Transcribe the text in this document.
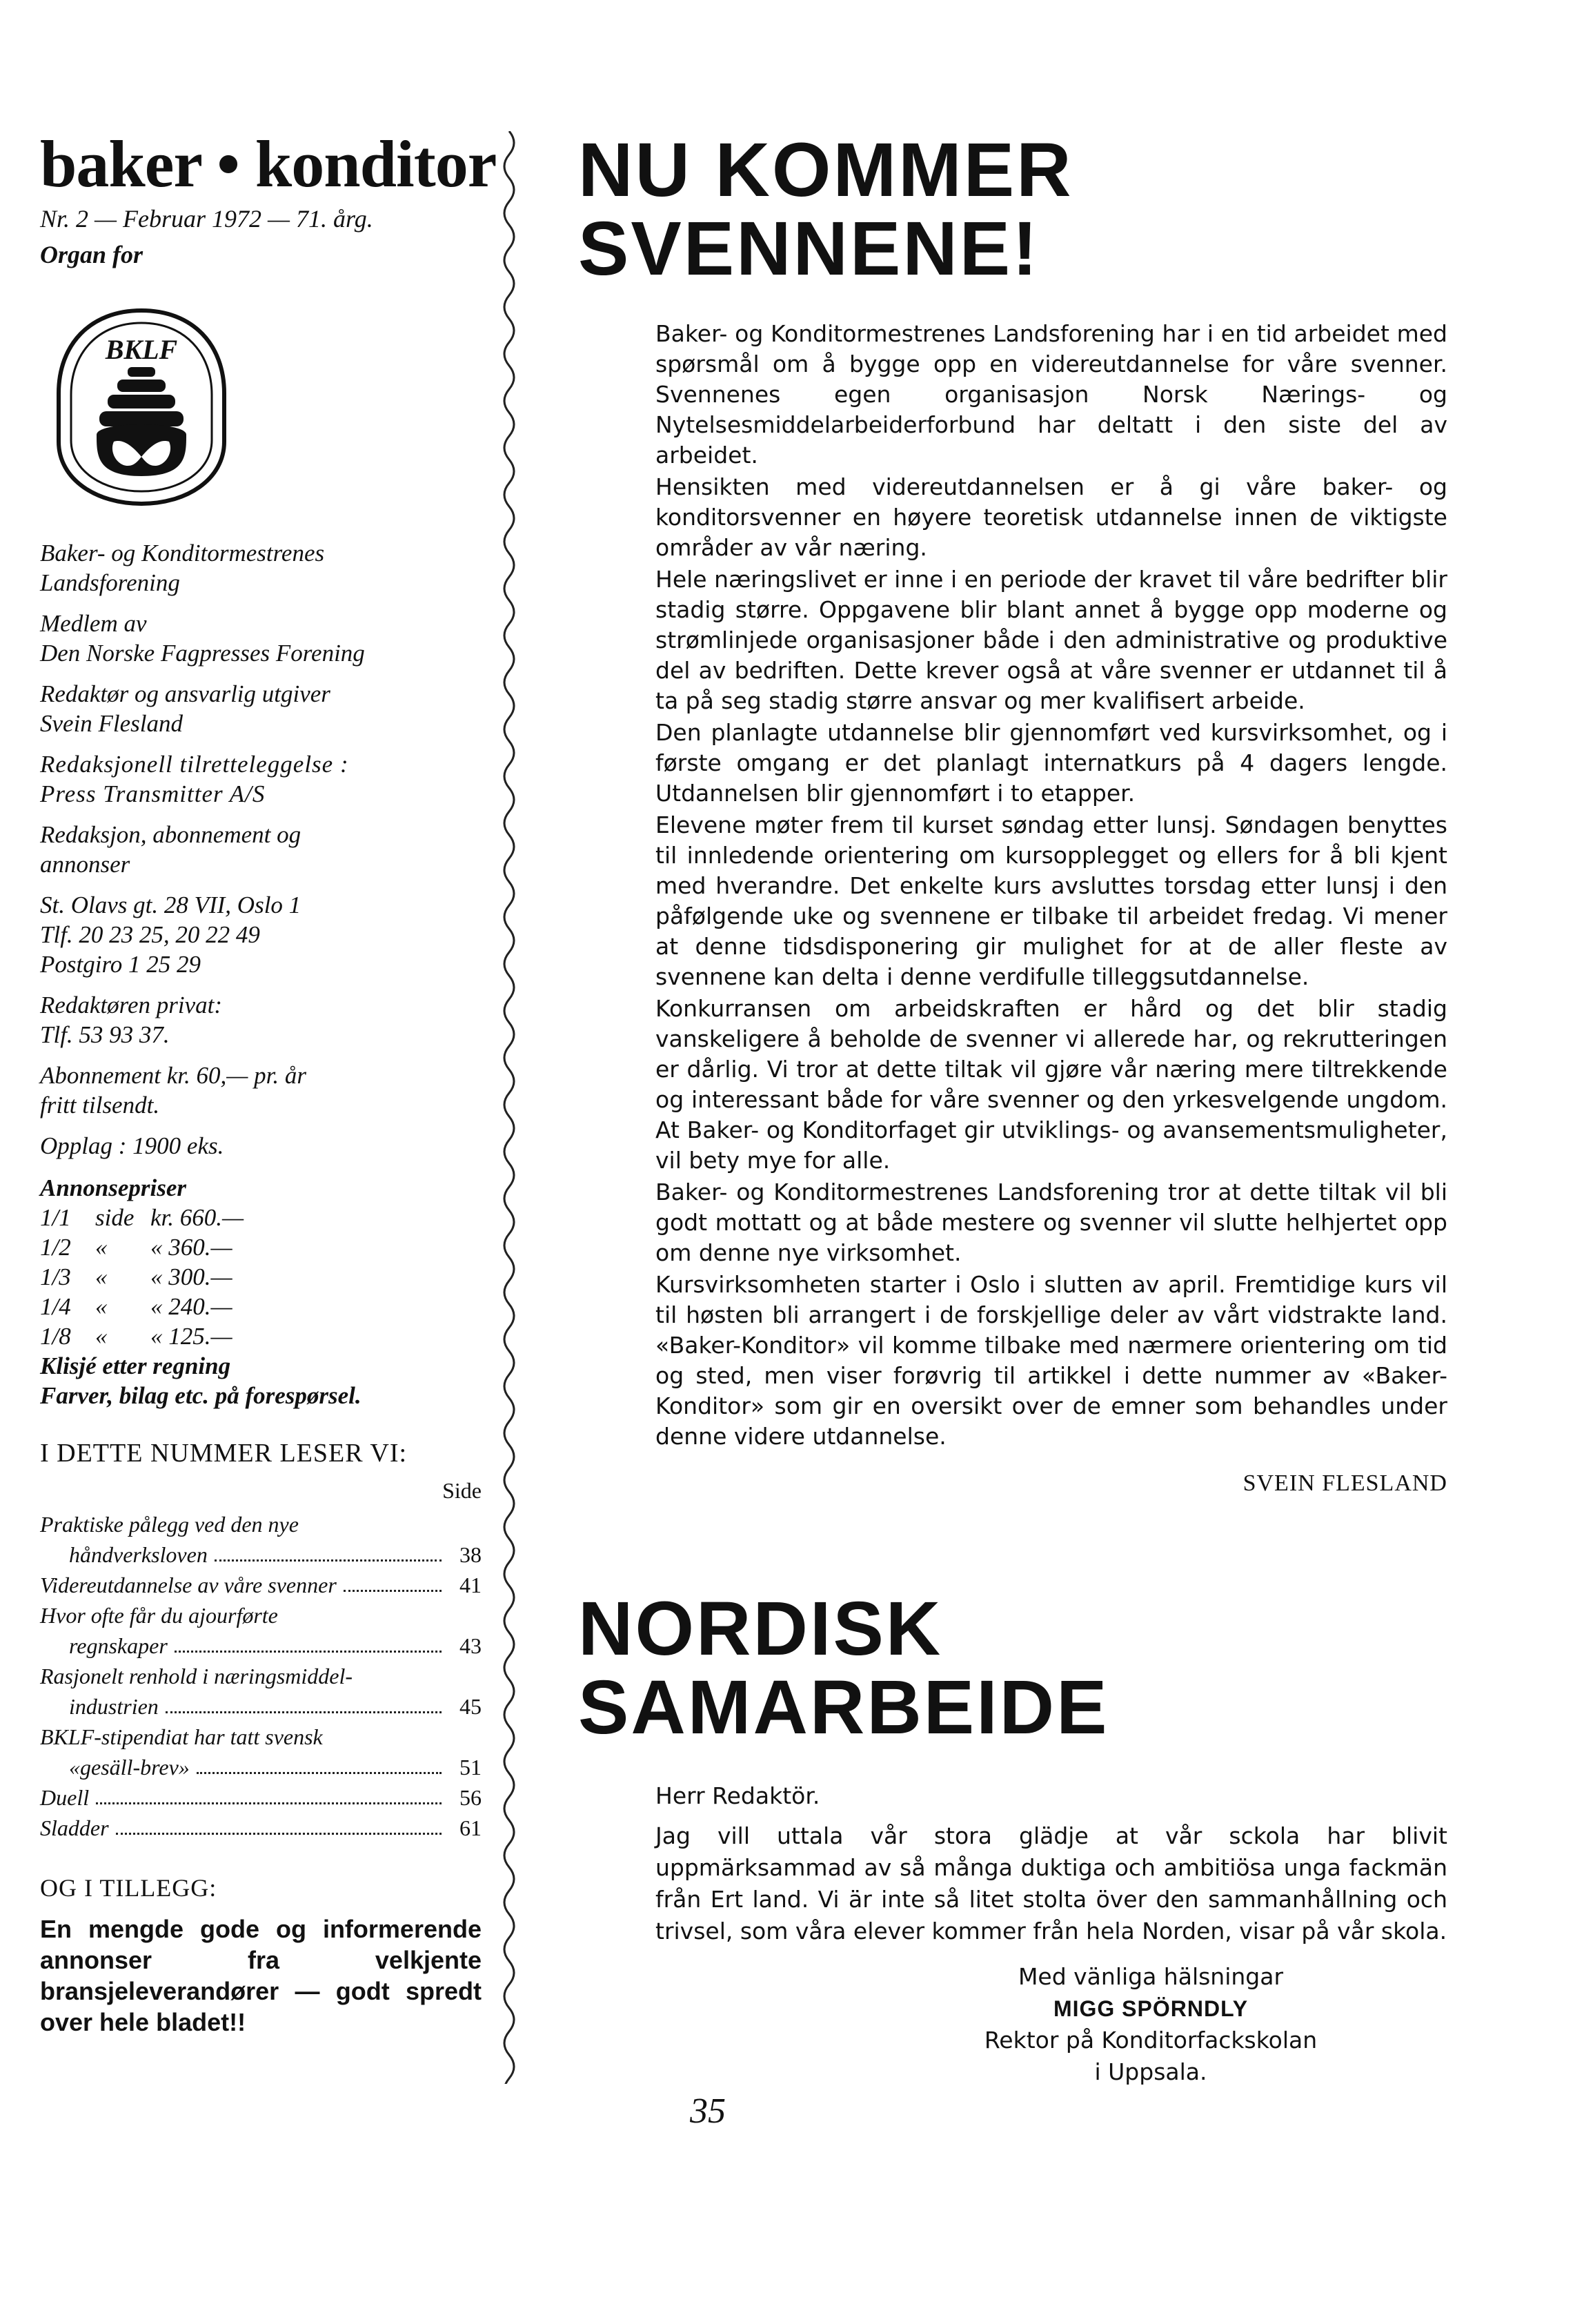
baker • konditor

Nr. 2 — Februar 1972 — 71. årg.

Organ for

BKLF

Baker- og Konditormestrenes
Landsforening

Medlem av
Den Norske Fagpresses Forening

Redaktør og ansvarlig utgiver
Svein Flesland

Redaksjonell tilretteleggelse :
Press Transmitter A/S

Redaksjon, abonnement og
annonser

St. Olavs gt. 28 VII, Oslo 1
Tlf. 20 23 25, 20 22 49
Postgiro 1 25 29

Redaktøren privat:
Tlf. 53 93 37.

Abonnement kr. 60,— pr. år
fritt tilsendt.

Opplag : 1900 eks.

Annonsepriser
1/1	side kr. 660.—
1/2	«	« 360.—
1/3	«	« 300.—
1/4	«	« 240.—
1/8	«	« 125.—
Klisjé etter regning
Farver, bilag etc. på forespørsel.
I DETTE NUMMER LESER VI:
Side
Praktiske pålegg ved den nye
håndverksloven	38
Videreutdannelse av våre svenner	41
Hvor ofte får du ajourførte
regnskaper	43
Rasjonelt renhold i næringsmiddel-
industrien	45
BKLF-stipendiat har tatt svensk
«gesäll-brev»	51
Duell	56
Sladder	61
OG I TILLEGG:

En mengde gode og informerende annonser fra velkjente bransjeleverandører — godt spredt over hele bladet!!

NU KOMMER
SVENNENE!

Baker- og Konditormestrenes Landsforening har i en tid arbeidet med spørsmål om å bygge opp en videreutdannelse for våre svenner. Svennenes egen organisasjon Norsk Nærings- og Nytelsesmiddelarbeiderforbund har deltatt i den siste del av arbeidet.

Hensikten med videreutdannelsen er å gi våre baker- og konditorsvenner en høyere teoretisk utdannelse innen de viktigste områder av vår næring.

Hele næringslivet er inne i en periode der kravet til våre bedrifter blir stadig større. Oppgavene blir blant annet å bygge opp moderne og strømlinjede organisasjoner både i den administrative og produktive del av bedriften. Dette krever også at våre svenner er utdannet til å ta på seg stadig større ansvar og mer kvalifisert arbeide.

Den planlagte utdannelse blir gjennomført ved kursvirksomhet, og i første omgang er det planlagt internatkurs på 4 dagers lengde. Utdannelsen blir gjennomført i to etapper.

Elevene møter frem til kurset søndag etter lunsj. Søndagen benyttes til innledende orientering om kursopplegget og ellers for å bli kjent med hverandre. Det enkelte kurs avsluttes torsdag etter lunsj i den påfølgende uke og svennene er tilbake til arbeidet fredag. Vi mener at denne tidsdisponering gir mulighet for at de aller fleste av svennene kan delta i denne verdifulle tilleggsutdannelse.

Konkurransen om arbeidskraften er hård og det blir stadig vanskeligere å beholde de svenner vi allerede har, og rekrutteringen er dårlig. Vi tror at dette tiltak vil gjøre vår næring mere tiltrekkende og interessant både for våre svenner og den yrkesvelgende ungdom. At Baker- og Konditorfaget gir utviklings- og avansementsmuligheter, vil bety mye for alle.

Baker- og Konditormestrenes Landsforening tror at dette tiltak vil bli godt mottatt og at både mestere og svenner vil slutte helhjertet opp om denne nye virksomhet.

Kursvirksomheten starter i Oslo i slutten av april. Fremtidige kurs vil til høsten bli arrangert i de forskjellige deler av vårt vidstrakte land. «Baker-Konditor» vil komme tilbake med nærmere orientering om tid og sted, men viser forøvrig til artikkel i dette nummer av «Baker-Konditor» som gir en oversikt over de emner som behandles under denne videre utdannelse.

SVEIN FLESLAND
NORDISK
SAMARBEIDE

Herr Redaktör.

Jag vill uttala vår stora glädje at vår sckola har blivit uppmärksammad av så många duktiga och ambitiösa unga fackmän från Ert land. Vi är inte så litet stolta över den sammanhållning och trivsel, som våra elever kommer från hela Norden, visar på vår skola.

Med vänliga hälsningar
MIGG SPÖRNDLY
Rektor på Konditorfackskolan
i Uppsala.
35
